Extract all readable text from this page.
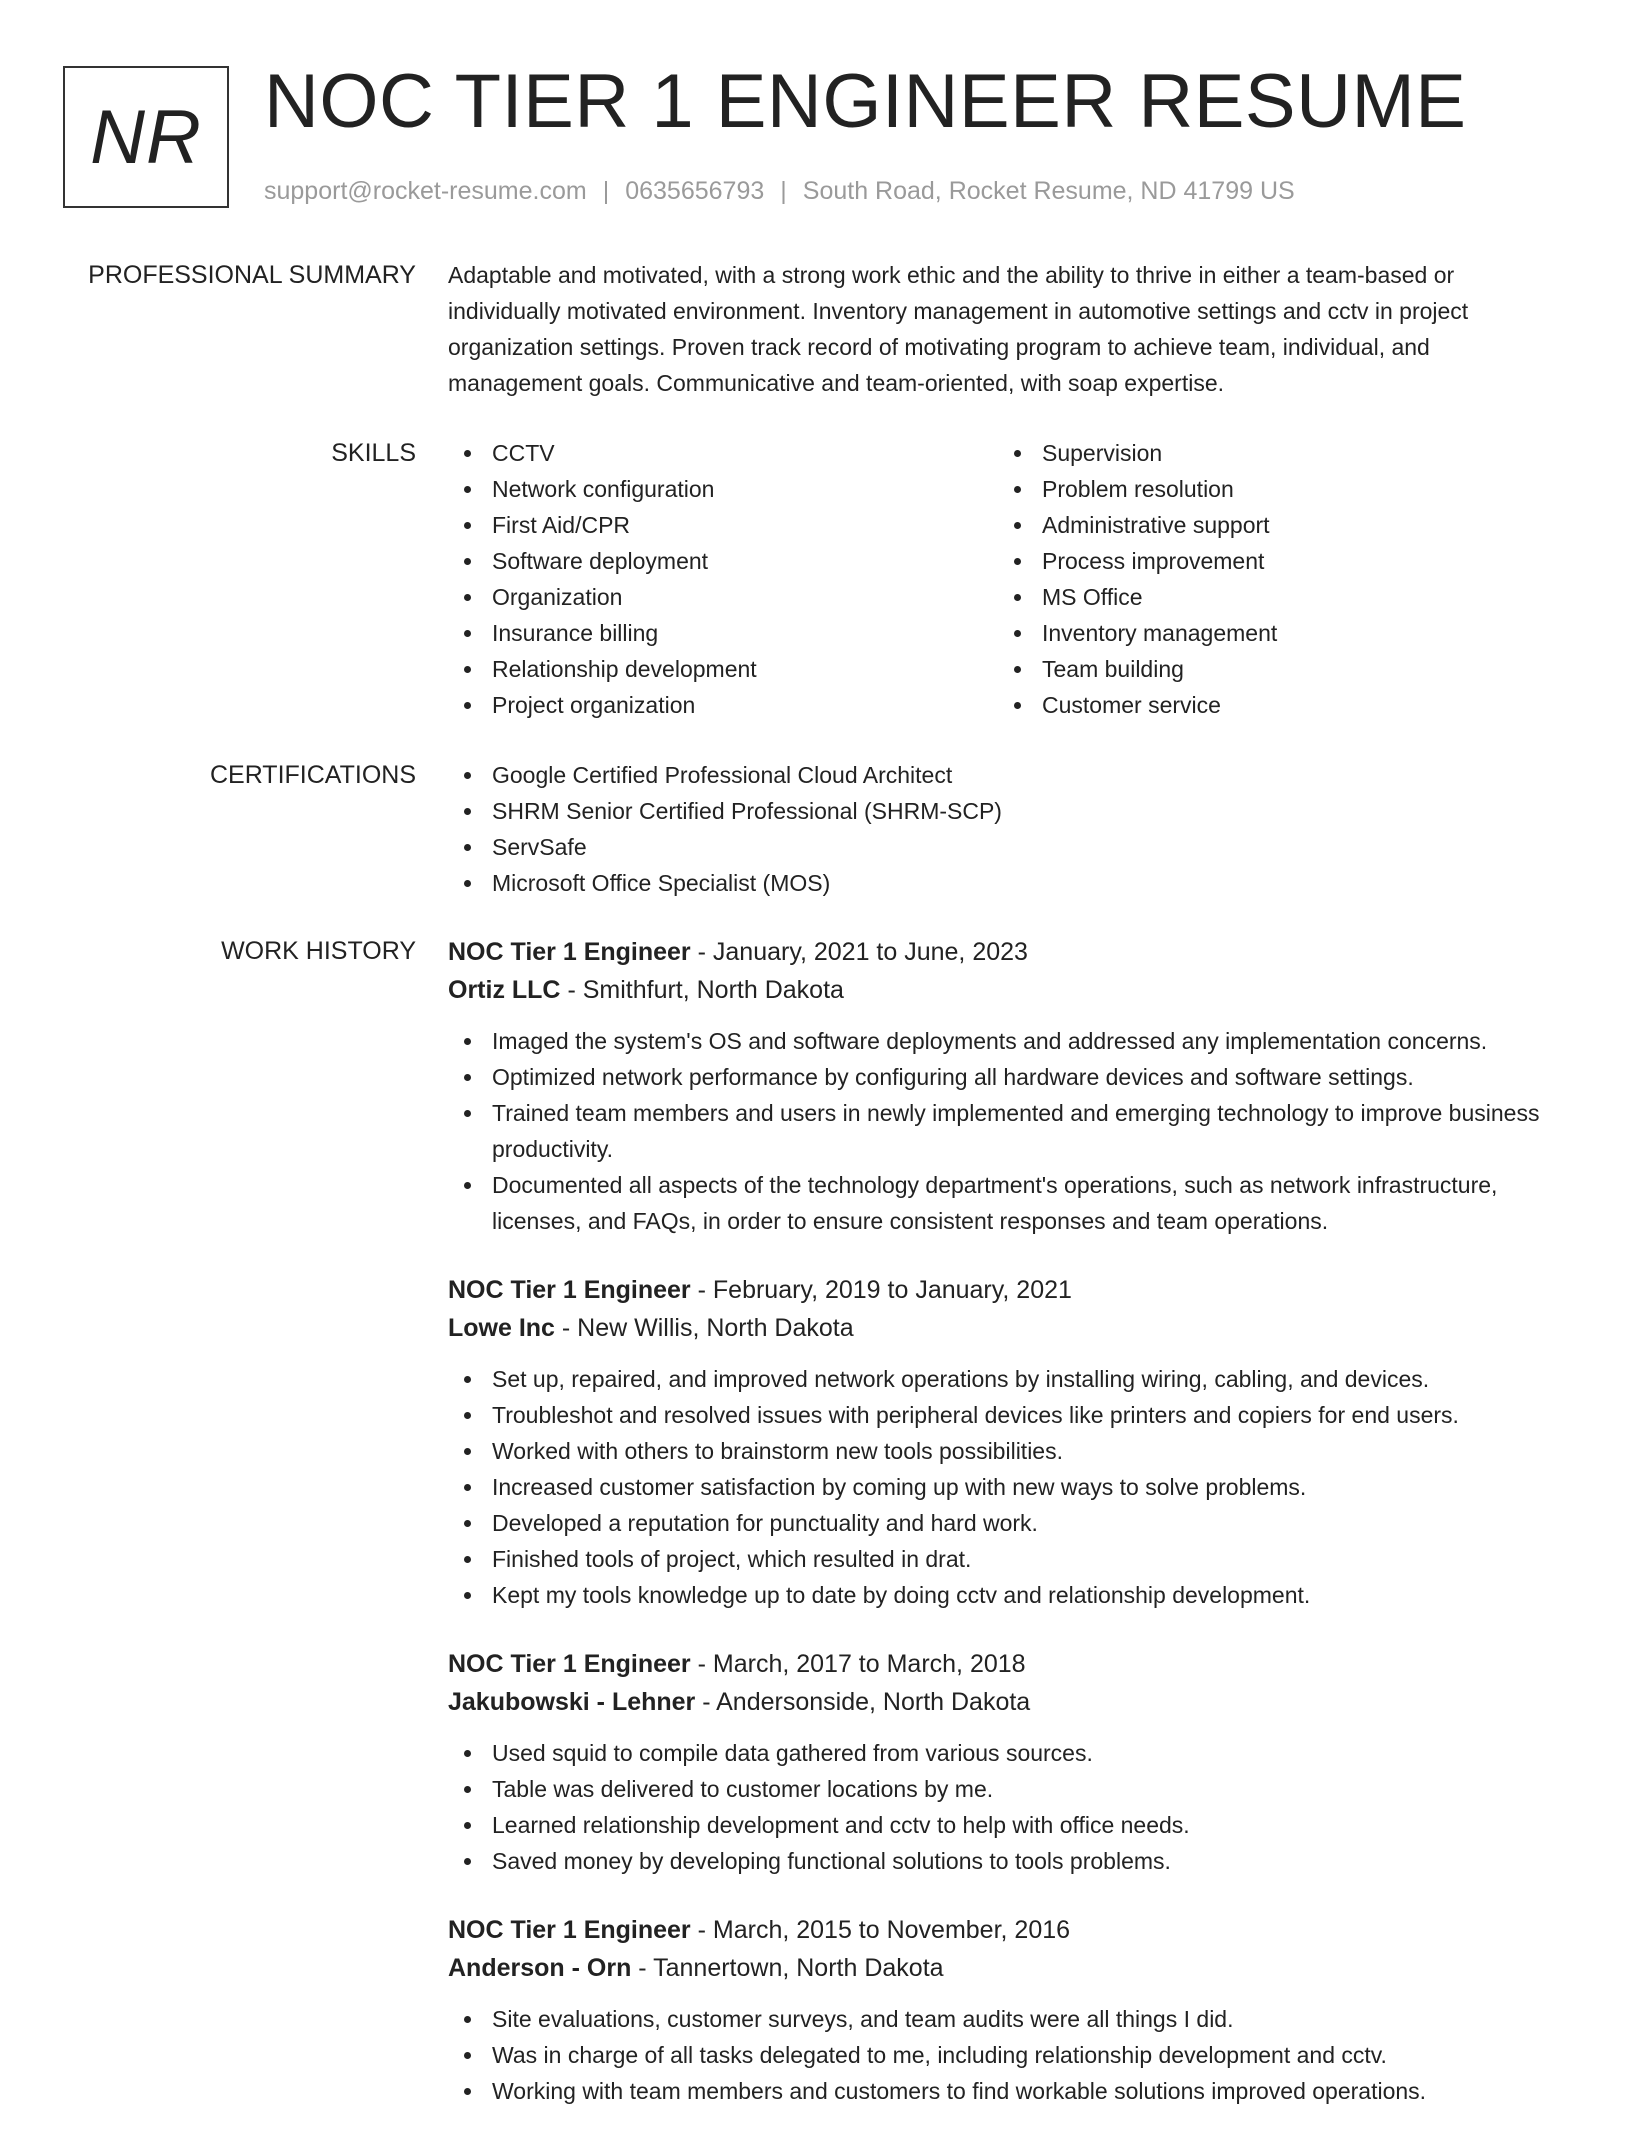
NR NOC TIER 1 ENGINEER RESUME
support@rocket-resume.com | 0635656793 | South Road, Rocket Resume, ND 41799 US
PROFESSIONAL SUMMARY Adaptable and motivated, with a strong work ethic and the ability to thrive in either a team-based or individually motivated environment. Inventory management in automotive settings and cctv in project organization settings. Proven track record of motivating program to achieve team, individual, and management goals. Communicative and team-oriented, with soap expertise.

SKILLS	CCTV
Network configuration
First Aid/CPR
Software deployment
Organization
Insurance billing
Relationship development
Project organization
Supervision
Problem resolution
Administrative support
Process improvement
MS Office
Inventory management
Team building
Customer service
CERTIFICATIONS	Google Certified Professional Cloud Architect
SHRM Senior Certified Professional (SHRM-SCP)
ServSafe
Microsoft Office Specialist (MOS)
WORK HISTORY NOC Tier 1 Engineer - January, 2021 to June, 2023
Ortiz LLC - Smithfurt, North Dakota
Imaged the system's OS and software deployments and addressed any implementation concerns.
Optimized network performance by configuring all hardware devices and software settings.
Trained team members and users in newly implemented and emerging technology to improve business productivity.
Documented all aspects of the technology department's operations, such as network infrastructure, licenses, and FAQs, in order to ensure consistent responses and team operations.
NOC Tier 1 Engineer - February, 2019 to January, 2021
Lowe Inc - New Willis, North Dakota
Set up, repaired, and improved network operations by installing wiring, cabling, and devices.
Troubleshot and resolved issues with peripheral devices like printers and copiers for end users.
Worked with others to brainstorm new tools possibilities.
Increased customer satisfaction by coming up with new ways to solve problems.
Developed a reputation for punctuality and hard work.
Finished tools of project, which resulted in drat.
Kept my tools knowledge up to date by doing cctv and relationship development.
NOC Tier 1 Engineer - March, 2017 to March, 2018
Jakubowski - Lehner - Andersonside, North Dakota
Used squid to compile data gathered from various sources.
Table was delivered to customer locations by me.
Learned relationship development and cctv to help with office needs.
Saved money by developing functional solutions to tools problems.
NOC Tier 1 Engineer - March, 2015 to November, 2016
Anderson - Orn - Tannertown, North Dakota
Site evaluations, customer surveys, and team audits were all things I did.
Was in charge of all tasks delegated to me, including relationship development and cctv.
Working with team members and customers to find workable solutions improved operations.
